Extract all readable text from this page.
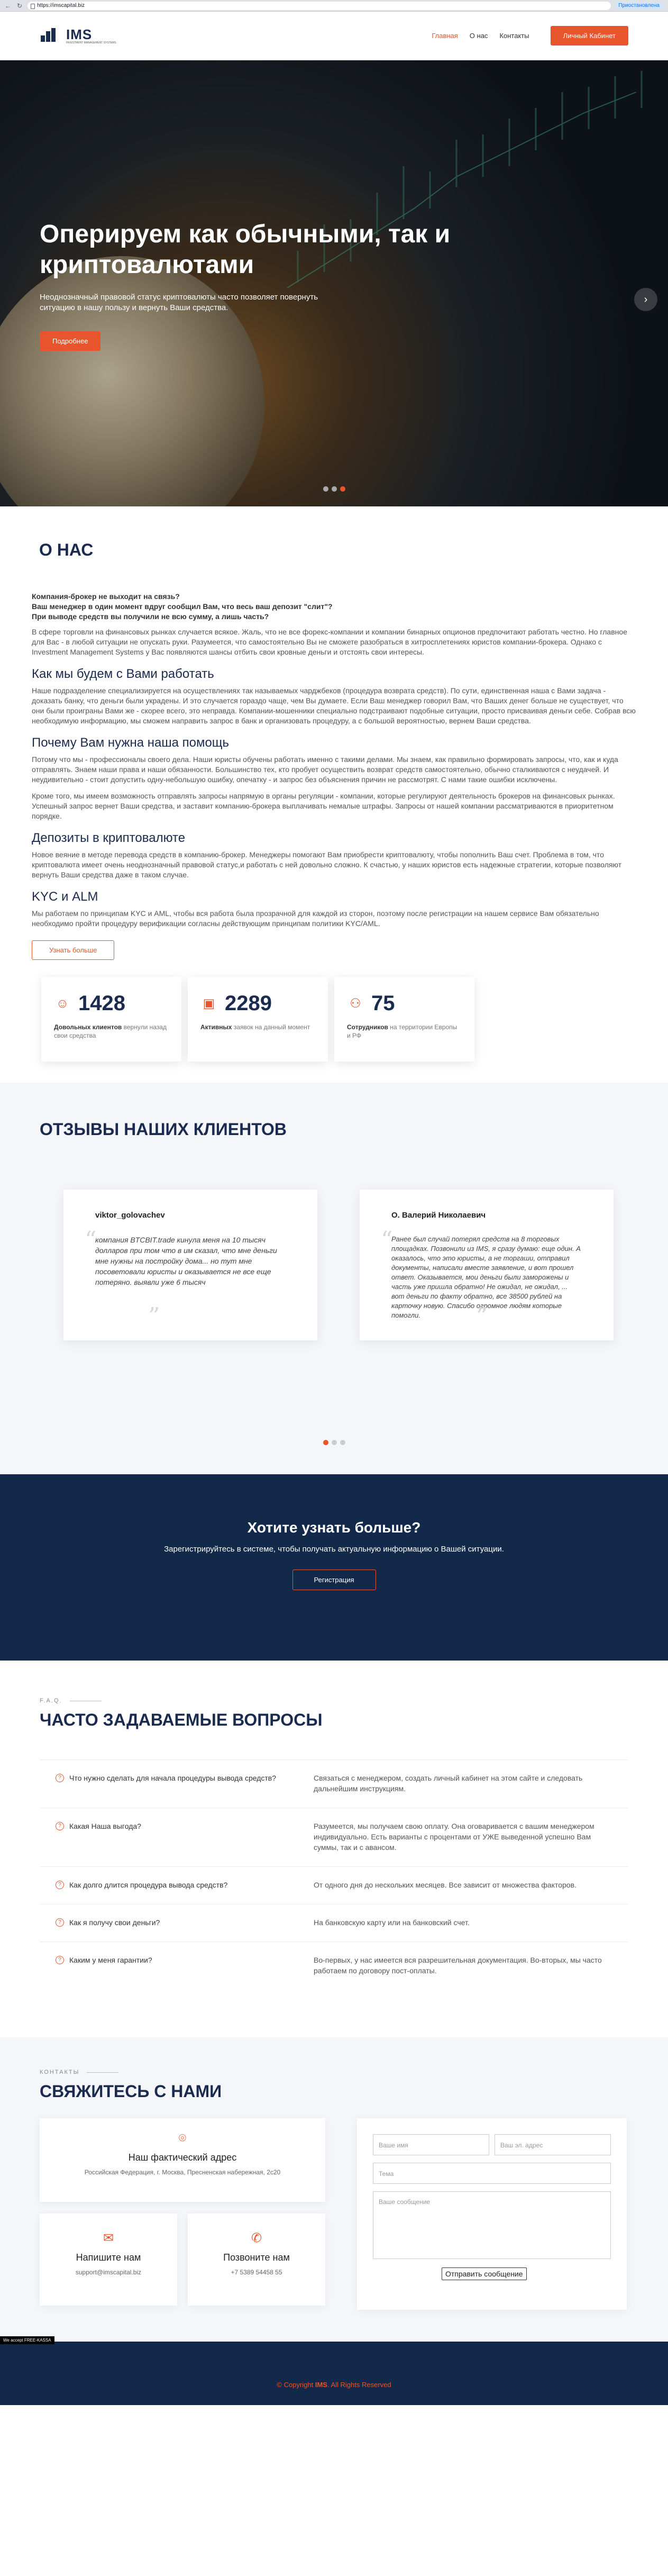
← ↻	https://imscapital.biz	Приостановлена
IMS
INVESTMENT MANAGEMENT SYSTEMS
Главная О нас Контакты	Личный Кабинет
Оперируем как обычными, так и криптовалютами

Неоднозначный правовой статус криптовалюты часто позволяет повернуть ситуацию в нашу пользу и вернуть Ваши средства.

Подробнее
›
О НАС
Компания-брокер не выходит на связь?
Ваш менеджер в один момент вдруг сообщил Вам, что весь ваш депозит "слит"?
При выводе средств вы получили не всю сумму, а лишь часть?

В сфере торговли на финансовых рынках случается всякое. Жаль, что не все форекс-компании и компании бинарных опционов предпочитают работать честно. Но главное для Вас - в любой ситуации не опускать руки. Разумеется, что самостоятельно Вы не сможете разобраться в хитросплетениях юристов компании-брокера. Однако с Investment Management Systems у Вас появляются шансы отбить свои кровные деньги и отстоять свои интересы.

Как мы будем с Вами работать

Наше подразделение специализируется на осуществлениях так называемых чарджбеков (процедура возврата средств). По сути, единственная наша с Вами задача - доказать банку, что деньги были украдены. И это случается гораздо чаще, чем Вы думаете. Если Ваш менеджер говорил Вам, что Ваших денег больше не существует, что они были проиграны Вами же - скорее всего, это неправда. Компании-мошенники специально подстраивают подобные ситуации, просто присваивая деньги себе. Собрав всю необходимую информацию, мы сможем направить запрос в банк и организовать процедуру, а с большой вероятностью, вернем Ваши средства.

Почему Вам нужна наша помощь

Потому что мы - профессионалы своего дела. Наши юристы обучены работать именно с такими делами. Мы знаем, как правильно формировать запросы, что, как и куда отправлять. Знаем наши права и наши обязанности. Большинство тех, кто пробует осуществить возврат средств самостоятельно, обычно сталкиваются с неудачей. И неудивительно - стоит допустить одну-небольшую ошибку, опечатку - и запрос без объяснения причин не рассмотрят. С нами такие ошибки исключены.

Кроме того, мы имеем возможность отправлять запросы напрямую в органы регуляции - компании, которые регулируют деятельность брокеров на финансовых рынках. Успешный запрос вернет Ваши средства, и заставит компанию-брокера выплачивать немалые штрафы. Запросы от нашей компании рассматриваются в приоритетном порядке.

Депозиты в криптовалюте

Новое веяние в методе перевода средств в компанию-брокер. Менеджеры помогают Вам приобрести криптовалюту, чтобы пополнить Ваш счет. Проблема в том, что криптовалюта имеет очень неоднозначный правовой статус,и работать с ней довольно сложно. К счастью, у наших юристов есть надежные стратегии, которые позволяют вернуть Ваши средства даже в таком случае.

KYC и ALM

Мы работаем по принципам KYC и AML, чтобы вся работа была прозрачной для каждой из сторон, поэтому после регистрации на нашем сервисе Вам обязательно необходимо пройти процедуру верификации согласны действующим принципам политики KYC/AML.

Узнать больше
☺ 1428
Довольных клиентов вернули назад свои средства
▣ 2289
Активных заявок на данный момент
⚇ 75
Сотрудников на территории Европы и РФ
ОТЗЫВЫ НАШИХ КЛИЕНТОВ
viktor_golovachev
“
компания BTCBIT.trade кинула меня на 10 тысяч долларов при том что в им сказал, что мне деньги мне нужны на постройку дома... но тут мне посоветовали юристы и оказывается не все еще потеряно. выявли уже 6 тысяч
”
О. Валерий Николаевич
“
Ранее был случай потерял средств на 8 торговых площадках. Позвонили из IMS, я сразу думаю: еще один. А оказалось, что это юристы, а не торгаши, отправил документы, написали вместе заявление, и вот прошел ответ. Оказывается, мои деньги были заморожены и часть уже пришла обратно! Не ожидал, не ожидал, ... вот деньги по факту обратно, все 38500 рублей на карточку новую. Спасибо огромное людям которые помогли.	”
Хотите узнать больше?

Зарегистрируйтесь в системе, чтобы получать актуальную информацию о Вашей ситуации.

Регистрация
F.A.Q.
ЧАСТО ЗАДАВАЕМЫЕ ВОПРОСЫ
?	Что нужно сделать для начала процедуры вывода средств?	Связаться с менеджером, создать личный кабинет на этом сайте и следовать дальнейшим инструкциям.
?	Какая Наша выгода?	Разумеется, мы получаем свою оплату. Она оговаривается с вашим менеджером индивидуально. Есть варианты с процентами от УЖЕ выведенной успешно Вам суммы, так и с авансом.
?	Как долго длится процедура вывода средств?	От одного дня до нескольких месяцев. Все зависит от множества факторов.
?	Как я получу свои деньги?	На банковскую карту или на банковский счет.
?	Каким у меня гарантии?	Во-первых, у нас имеется вся разрешительная документация. Во-вторых, мы часто работаем по договору пост-оплаты.
КОНТАКТЫ
СВЯЖИТЕСЬ С НАМИ
⌾
Наш фактический адрес

Российская Федерация, г. Москва, Пресненская набережная, 2с20

✉
Напишите нам

support@imscapital.biz

✆
Позвоните нам

+7 5389 54458 55

Ваше имя	Ваш эл. адрес
Тема
Ваше сообщение
Отправить сообщение
We accept FREE-KASSA

© Copyright IMS. All Rights Reserved
